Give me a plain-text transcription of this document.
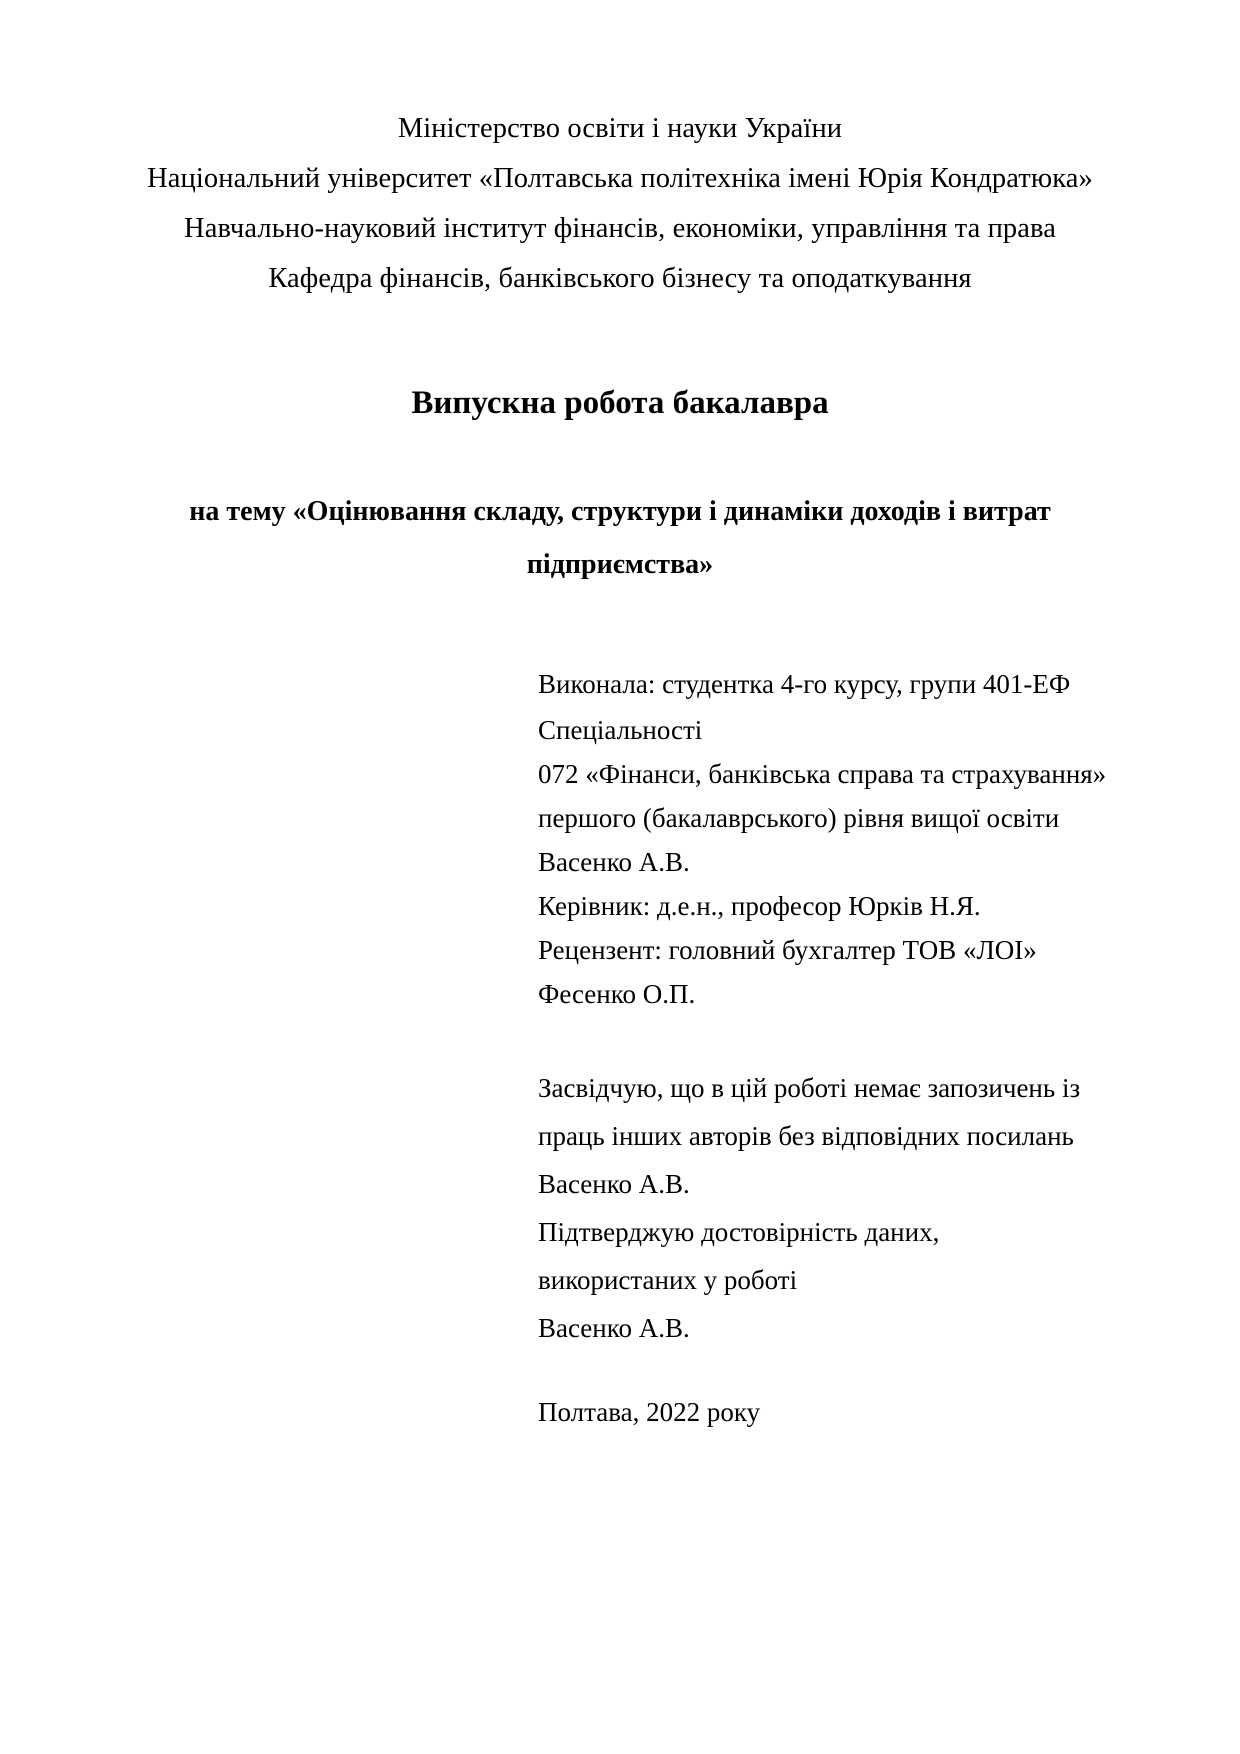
Міністерство освіти і науки України
Національний університет «Полтавська політехніка імені Юрія Кондратюка»
Навчально-науковий інститут фінансів, економіки, управління та права
Кафедра фінансів, банківського бізнесу та оподаткування
Випускна робота бакалавра
на тему «Оцінювання складу, структури і динаміки доходів і витрат
підприємства»
Виконала: студентка 4-го курсу, групи 401-ЕФ
Спеціальності
072 «Фінанси, банківська справа та страхування»
першого (бакалаврського) рівня вищої освіти
Васенко А.В.
Керівник: д.е.н., професор Юрків Н.Я.
Рецензент: головний бухгалтер ТОВ «ЛОІ»
Фесенко О.П.
Засвідчую, що в цій роботі немає запозичень із
праць інших авторів без відповідних посилань
Васенко А.В.
Підтверджую достовірність даних,
використаних у роботі
Васенко А.В.
Полтава, 2022 року
